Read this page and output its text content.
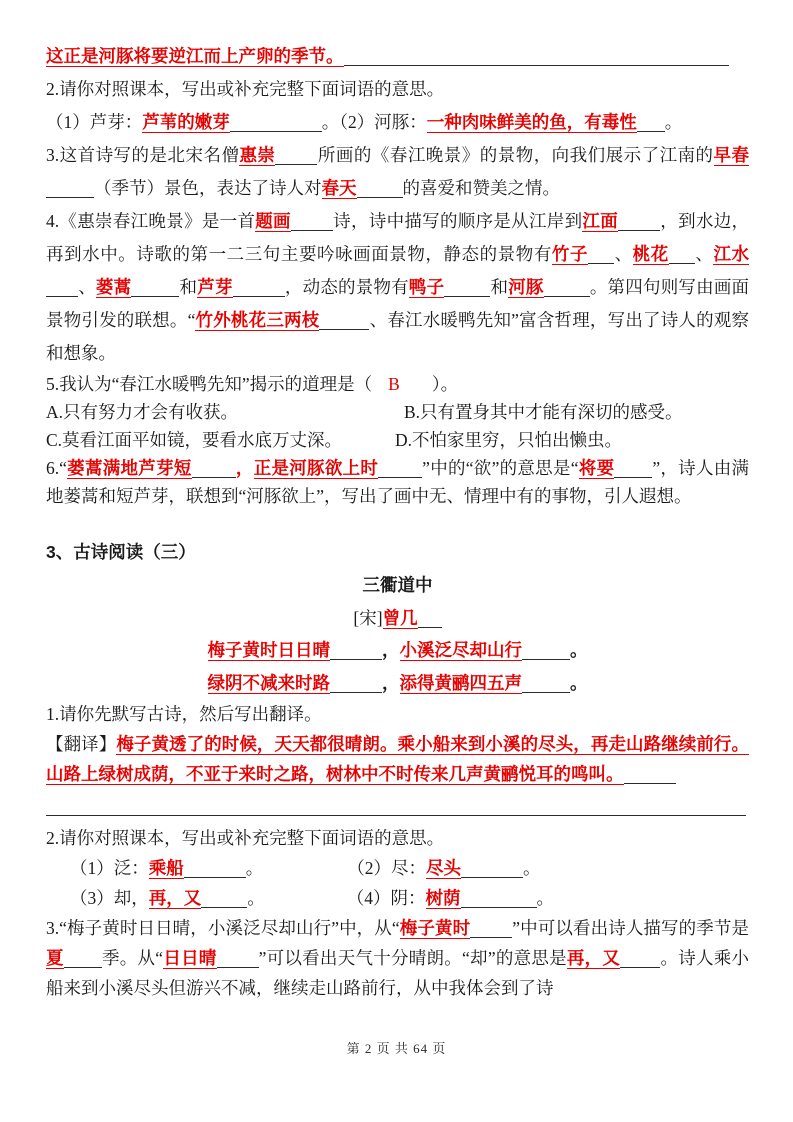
这正是河豚将要逆江而上产卵的季节。
2.请你对照课本，写出或补充完整下面词语的意思。
（1）芦芽：芦苇的嫩芽	。（2）河豚：一种肉味鲜美的鱼，有毒性 。
3.这首诗写的是北宋名僧惠崇 所画的《春江晚景》的景物，向我们展示了江南的早春（季节）景色，表达了诗人对春天	的喜爱和赞美之情。
4.《惠崇春江晚景》是一首题画 诗，诗中描写的顺序是从江岸到江面 ，到水边，再到水中。诗歌的第一二三句主要吟咏画面景物，静态的景物有竹子 、桃花 、江水、蒌蒿	和芦芽	，动态的景物有鸭子	和河豚	。第四句则写由画面景物引发的联想。“竹外桃花三两枝	、春江水暖鸭先知”富含哲理，写出了诗人的观察和想象。
5.我认为“春江水暖鸭先知”揭示的道理是（ B ）。
A.只有努力才会有收获。	B.只有置身其中才能有深切的感受。
C.莫看江面平如镜，要看水底万丈深。	D.不怕家里穷，只怕出懒虫。
6.“蒌蒿满地芦芽短	，正是河豚欲上时	”中的“欲”的意思是“将要 ”，诗人由满地蒌蒿和短芦芽，联想到“河豚欲上”，写出了画中无、情理中有的事物，引人遐想。
3、古诗阅读（三）
三衢道中
[宋]曾几
梅子黄时日日晴	，小溪泛尽却山行	。
绿阴不减来时路	，添得黄鹂四五声	。
1.请你先默写古诗，然后写出翻译。
【翻译】梅子黄透了的时候，天天都很晴朗。乘小船来到小溪的尽头，再走山路继续前行。山路上绿树成荫，不亚于来时之路，树林中不时传来几声黄鹂悦耳的鸣叫。
2.请你对照课本，写出或补充完整下面词语的意思。
（1）泛：乘船	。	（2）尽：尽头	。
（3）却，再，又	。	（4）阴：树荫	。
3.“梅子黄时日日晴，小溪泛尽却山行”中，从“梅子黄时 ”中可以看出诗人描写的季节是夏 季。从“日日晴 ”可以看出天气十分晴朗。“却”的意思是再，又 。诗人乘小船来到小溪尽头但游兴不减，继续走山路前行，从中我体会到了诗
第 2 页 共 64 页
